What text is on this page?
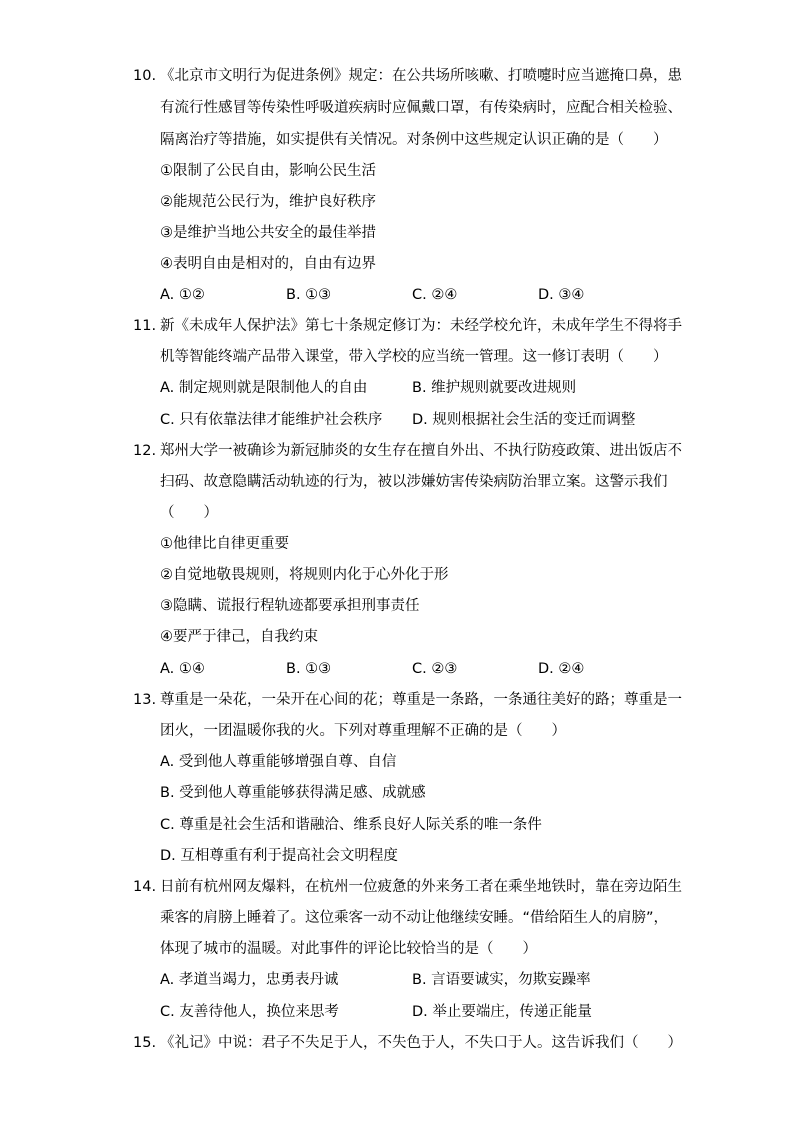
10. 《北京市文明行为促进条例》规定：在公共场所咳嗽、打喷嚏时应当遮掩口鼻，患
有流行性感冒等传染性呼吸道疾病时应佩戴口罩，有传染病时，应配合相关检验、
隔离治疗等措施，如实提供有关情况。对条例中这些规定认识正确的是（　　）
①限制了公民自由，影响公民生活
②能规范公民行为，维护良好秩序
③是维护当地公共安全的最佳举措
④表明自由是相对的，自由有边界
A. ①②	B. ①③	C. ②④	D. ③④
11. 新《未成年人保护法》第七十条规定修订为：未经学校允许，未成年学生不得将手
机等智能终端产品带入课堂，带入学校的应当统一管理。这一修订表明（　　）
A. 制定规则就是限制他人的自由	B. 维护规则就要改进规则
C. 只有依靠法律才能维护社会秩序 D. 规则根据社会生活的变迁而调整
12. 郑州大学一被确诊为新冠肺炎的女生存在擅自外出、不执行防疫政策、进出饭店不
扫码、故意隐瞒活动轨迹的行为，被以涉嫌妨害传染病防治罪立案。这警示我们
（　　）
①他律比自律更重要
②自觉地敬畏规则，将规则内化于心外化于形
③隐瞒、谎报行程轨迹都要承担刑事责任
④要严于律己，自我约束
A. ①④	B. ①③	C. ②③	D. ②④
13. 尊重是一朵花，一朵开在心间的花；尊重是一条路，一条通往美好的路；尊重是一
团火，一团温暖你我的火。下列对尊重理解不正确的是（　　）
A. 受到他人尊重能够增强自尊、自信
B. 受到他人尊重能够获得满足感、成就感
C. 尊重是社会生活和谐融洽、维系良好人际关系的唯一条件
D. 互相尊重有利于提高社会文明程度
14. 日前有杭州网友爆料，在杭州一位疲惫的外来务工者在乘坐地铁时，靠在旁边陌生
乘客的肩膀上睡着了。这位乘客一动不动让他继续安睡。“借给陌生人的肩膀”，
体现了城市的温暖。对此事件的评论比较恰当的是（　　）
A. 孝道当竭力，忠勇表丹诚	B. 言语要诚实，勿欺妄躁率
C. 友善待他人，换位来思考	D. 举止要端庄，传递正能量
15. 《礼记》中说：君子不失足于人，不失色于人，不失口于人。这告诉我们（　　）
